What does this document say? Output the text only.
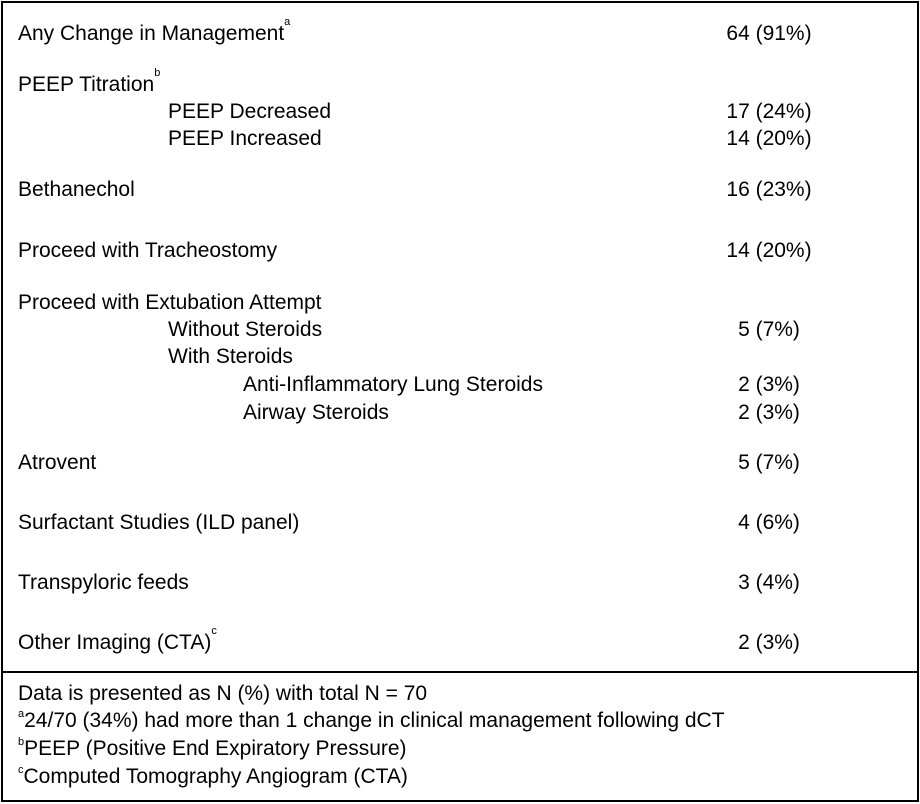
Any Change in Management$^a$	64 (91%)
PEEP Titration$^b$
PEEP Decreased	17 (24%)
PEEP Increased	14 (20%)
Bethanechol	16 (23%)
Proceed with Tracheostomy	14 (20%)
Proceed with Extubation Attempt
Without Steroids	5 (7%)
With Steroids
Anti-Inflammatory Lung Steroids	2 (3%)
Airway Steroids	2 (3%)
Atrovent	5 (7%)
Surfactant Studies (ILD panel)	4 (6%)
Transpyloric feeds	3 (4%)
Other Imaging (CTA)$^c$	2 (3%)
Data is presented as N (%) with total N = 70
$^a$24/70 (34%) had more than 1 change in clinical management following dCT
$^b$PEEP (Positive End Expiratory Pressure)
$^c$Computed Tomography Angiogram (CTA)
